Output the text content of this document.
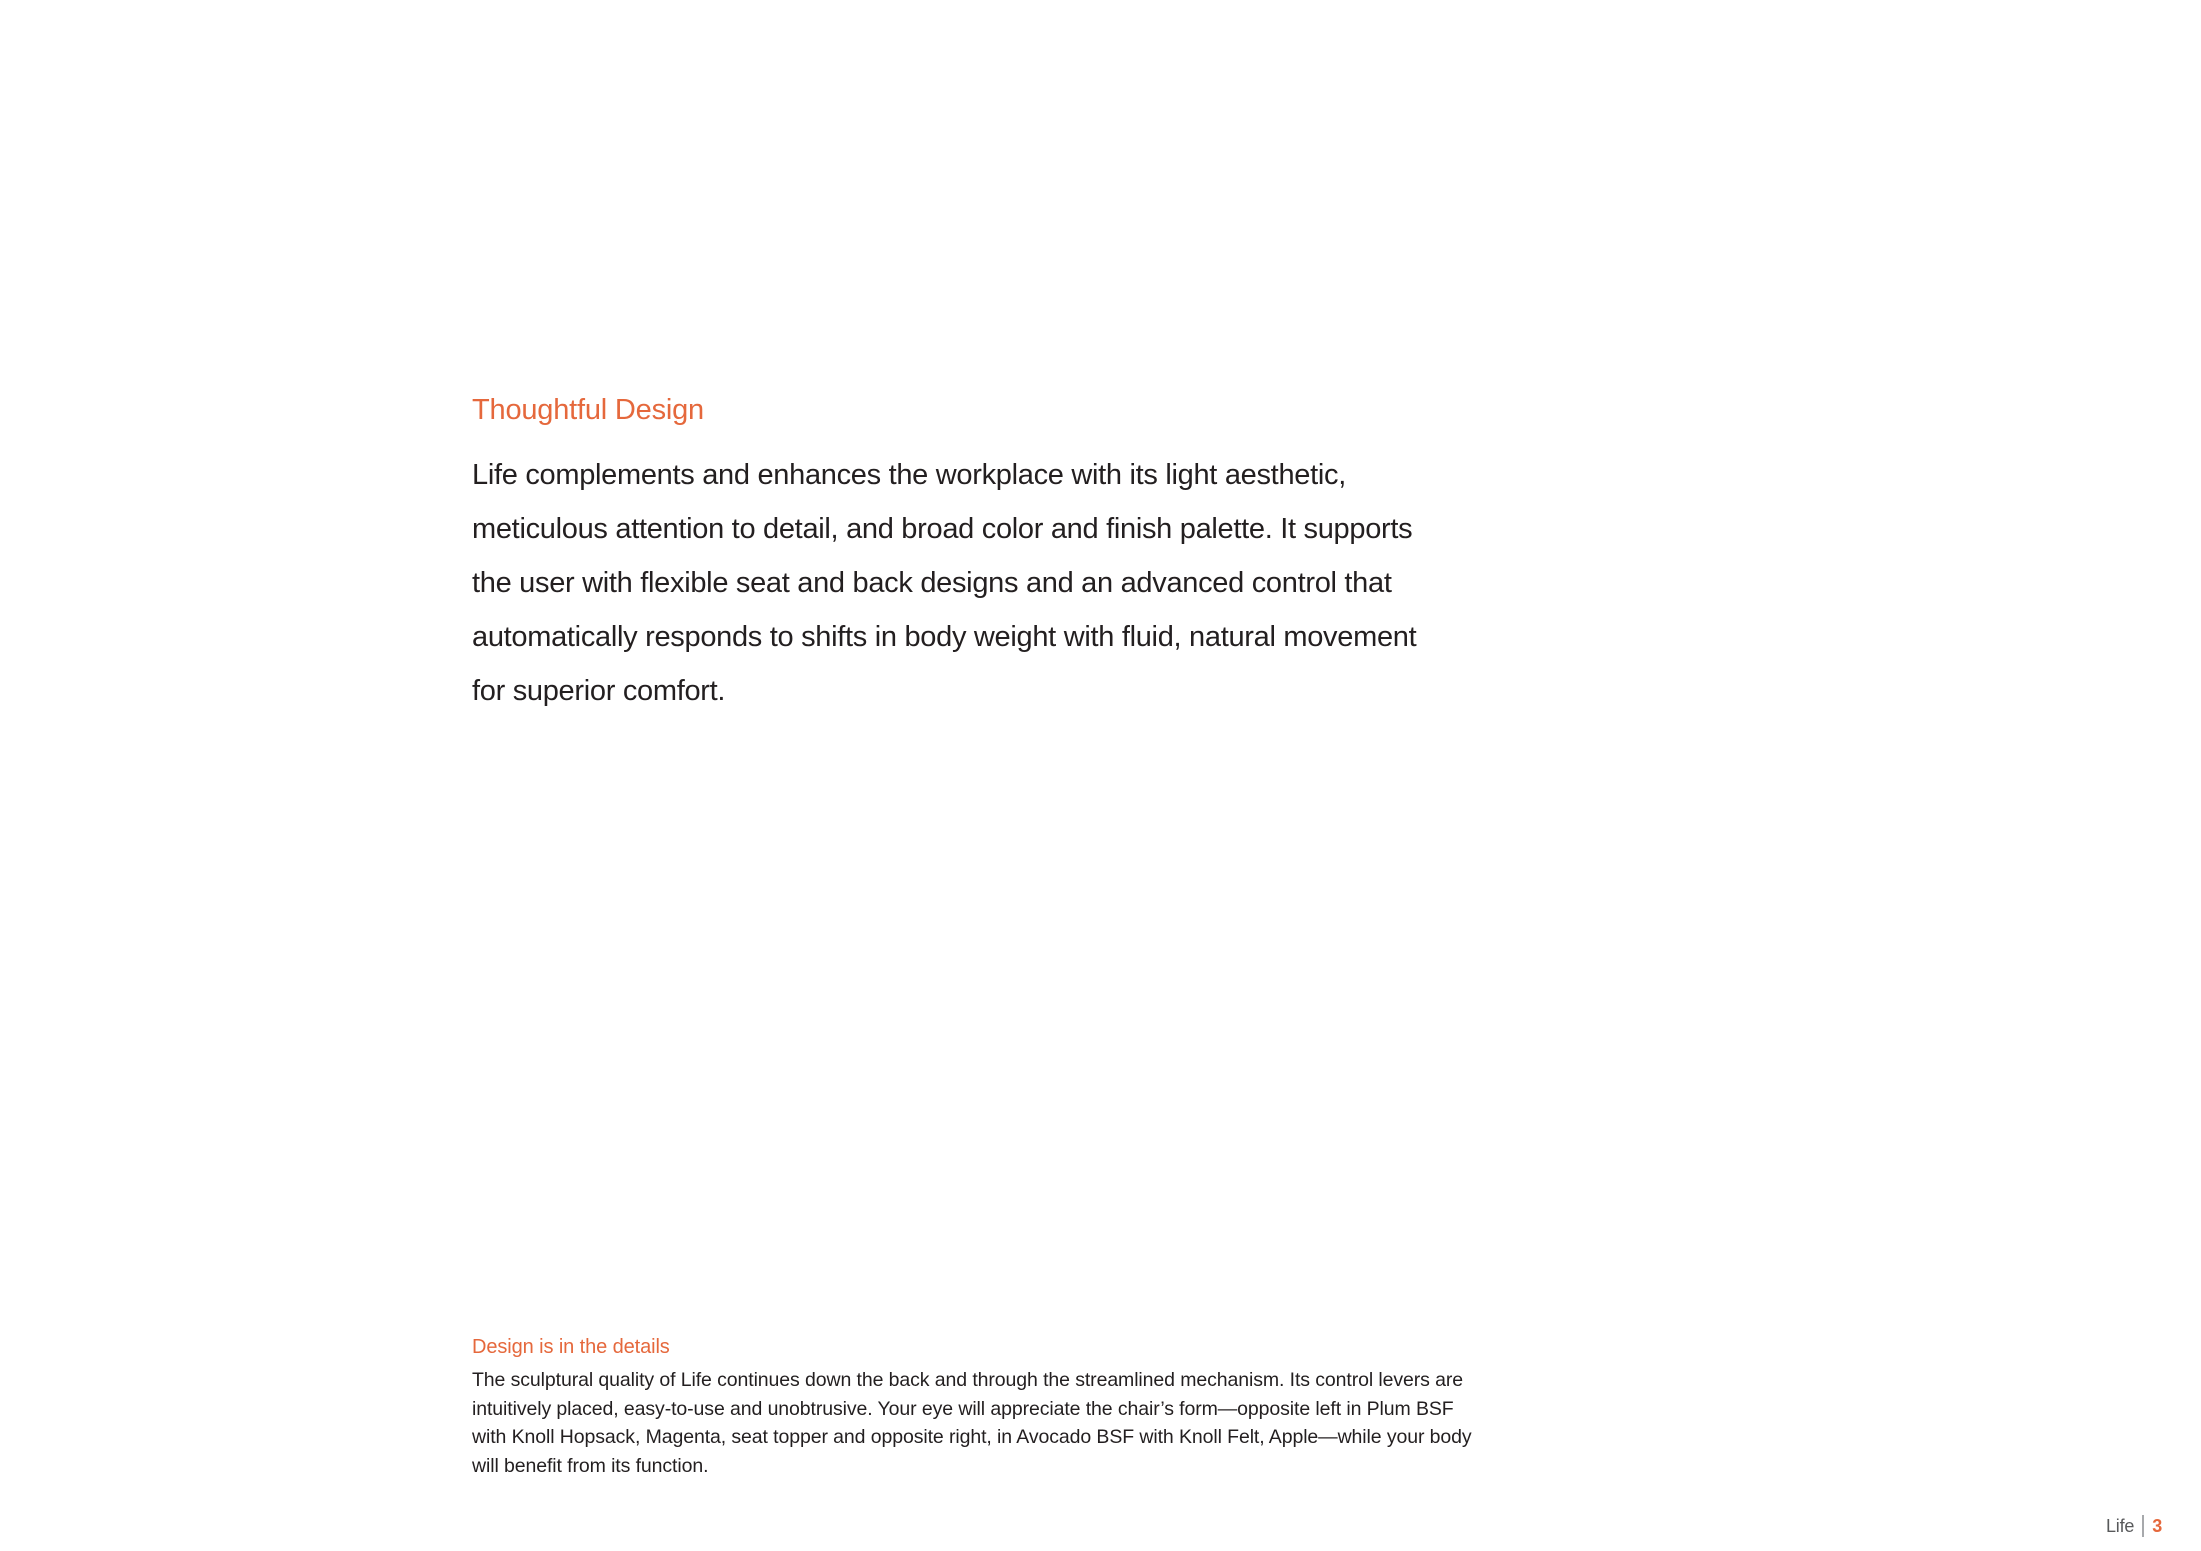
Thoughtful Design
Life complements and enhances the workplace with its light aesthetic,
meticulous attention to detail, and broad color and finish palette. It supports
the user with flexible seat and back designs and an advanced control that
automatically responds to shifts in body weight with fluid, natural movement
for superior comfort.
Design is in the details
The sculptural quality of Life continues down the back and through the streamlined mechanism. Its control levers are
intuitively placed, easy-to-use and unobtrusive. Your eye will appreciate the chair’s form—opposite left in Plum BSF
with Knoll Hopsack, Magenta, seat topper and opposite right, in Avocado BSF with Knoll Felt, Apple—while your body
will benefit from its function.
Life 3
